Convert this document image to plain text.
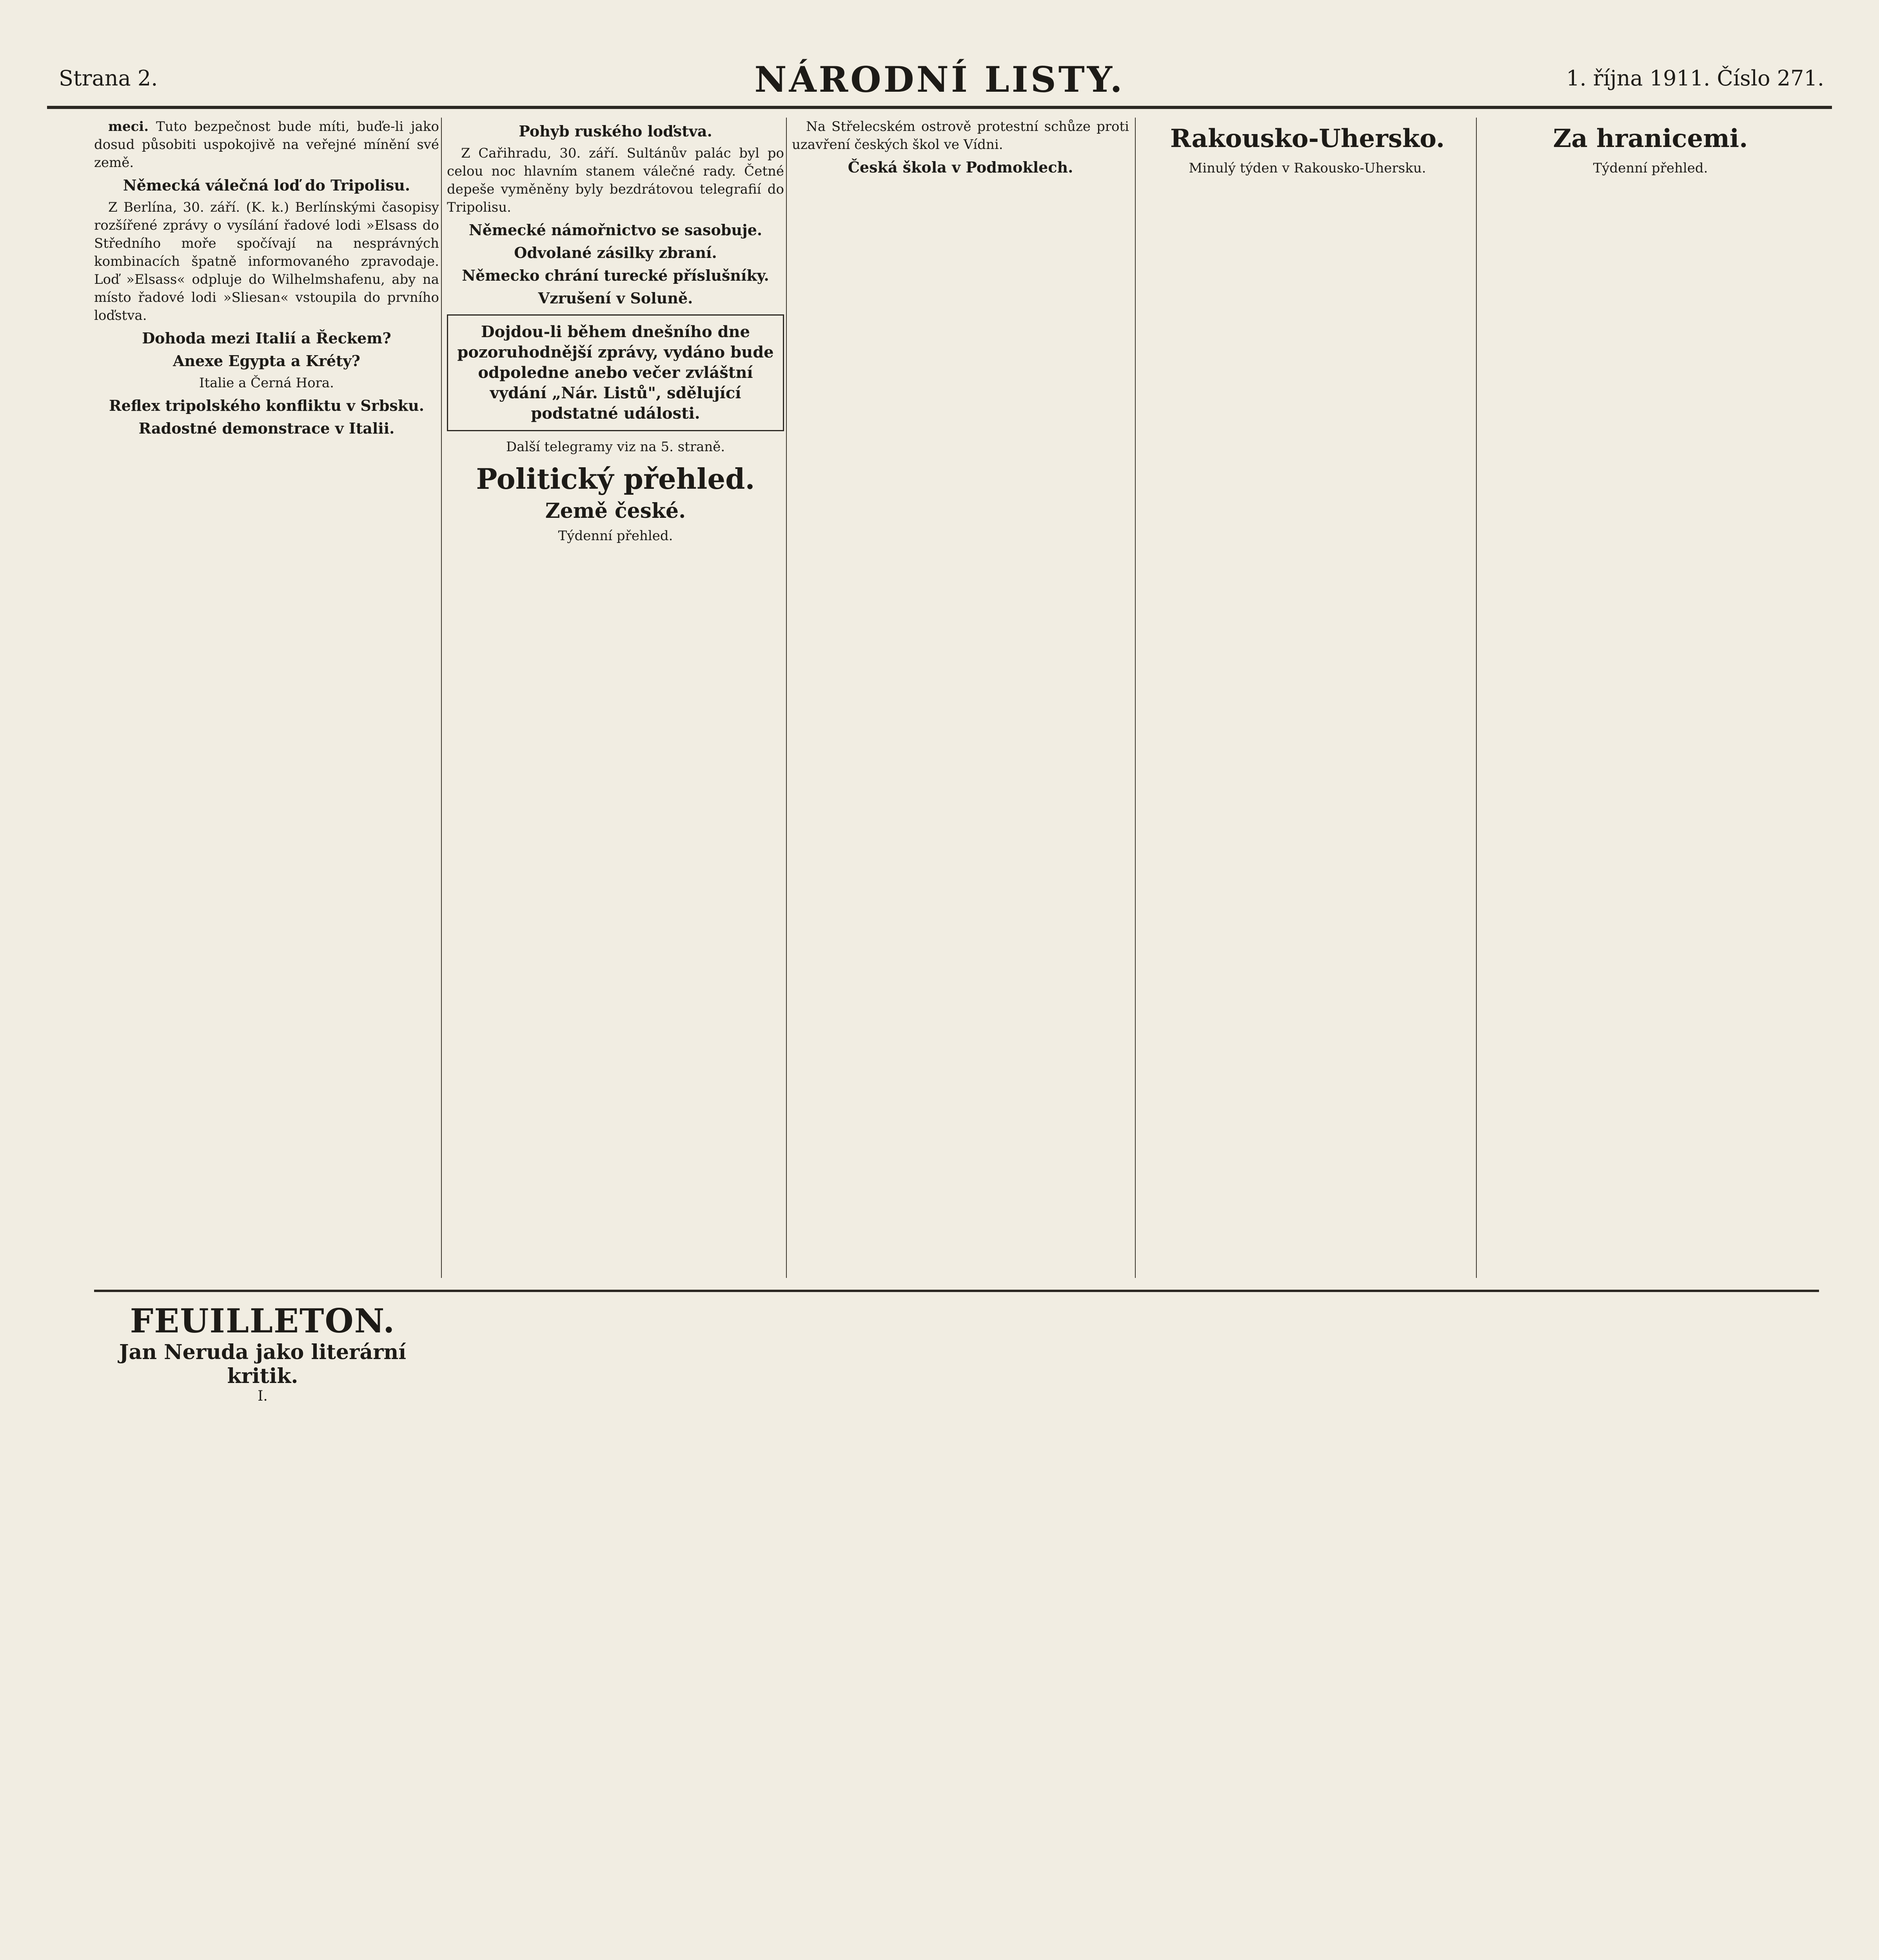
Strana 2.	NÁRODNÍ LISTY.	1. října 1911. Číslo 271.

meci. Tuto bezpečnost bude míti, buďe-li jako dosud působiti uspokojivě na veřejné mínění své země.

Německá válečná loď do Tripolisu.

Z Berlína, 30. září. (K. k.) Berlínskými časopisy rozšířené zprávy o vysílání řadové lodi »Elsass do Středního moře spočívají na nesprávných kombinacích špatně informovaného zpravodaje. Loď »Elsass« odpluje do Wilhelmshafenu, aby na místo řadové lodi »Sliesan« vstoupila do prvního loďstva.

Dohoda mezi Italií a Řeckem?
Anexe Egypta a Kréty?
Italie a Černá Hora.
Reflex tripolského konfliktu v Srbsku.
Radostné demonstrace v Italii.
Pohyb ruského loďstva.

Z Cařihradu, 30. září. Sultánův palác byl po celou noc hlavním stanem válečné rady. Četné depeše vyměněny byly bezdrátovou telegrafií do Tripolisu.

Německé námořnictvo se sasobuje.
Odvolané zásilky zbraní.
Německo chrání turecké příslušníky.
Vzrušení v Soluně.
Dojdou-li během dnešního dne pozoruhodnější zprávy, vydáno bude odpoledne anebo večer zvláštní vydání „Nár. Listů", sdělující podstatné události.
Další telegramy viz na 5. straně.
Politický přehled.
Země české.
Týdenní přehled.

Na Střelecském ostrově protestní schůze proti uzavření českých škol ve Vídni.

Česká škola v Podmoklech.
Rakousko-Uhersko.
Minulý týden v Rakousko-Uhersku.
Za hranicemi.
Týdenní přehled.
FEUILLETON.
Jan Neruda jako literární kritik.
I.
